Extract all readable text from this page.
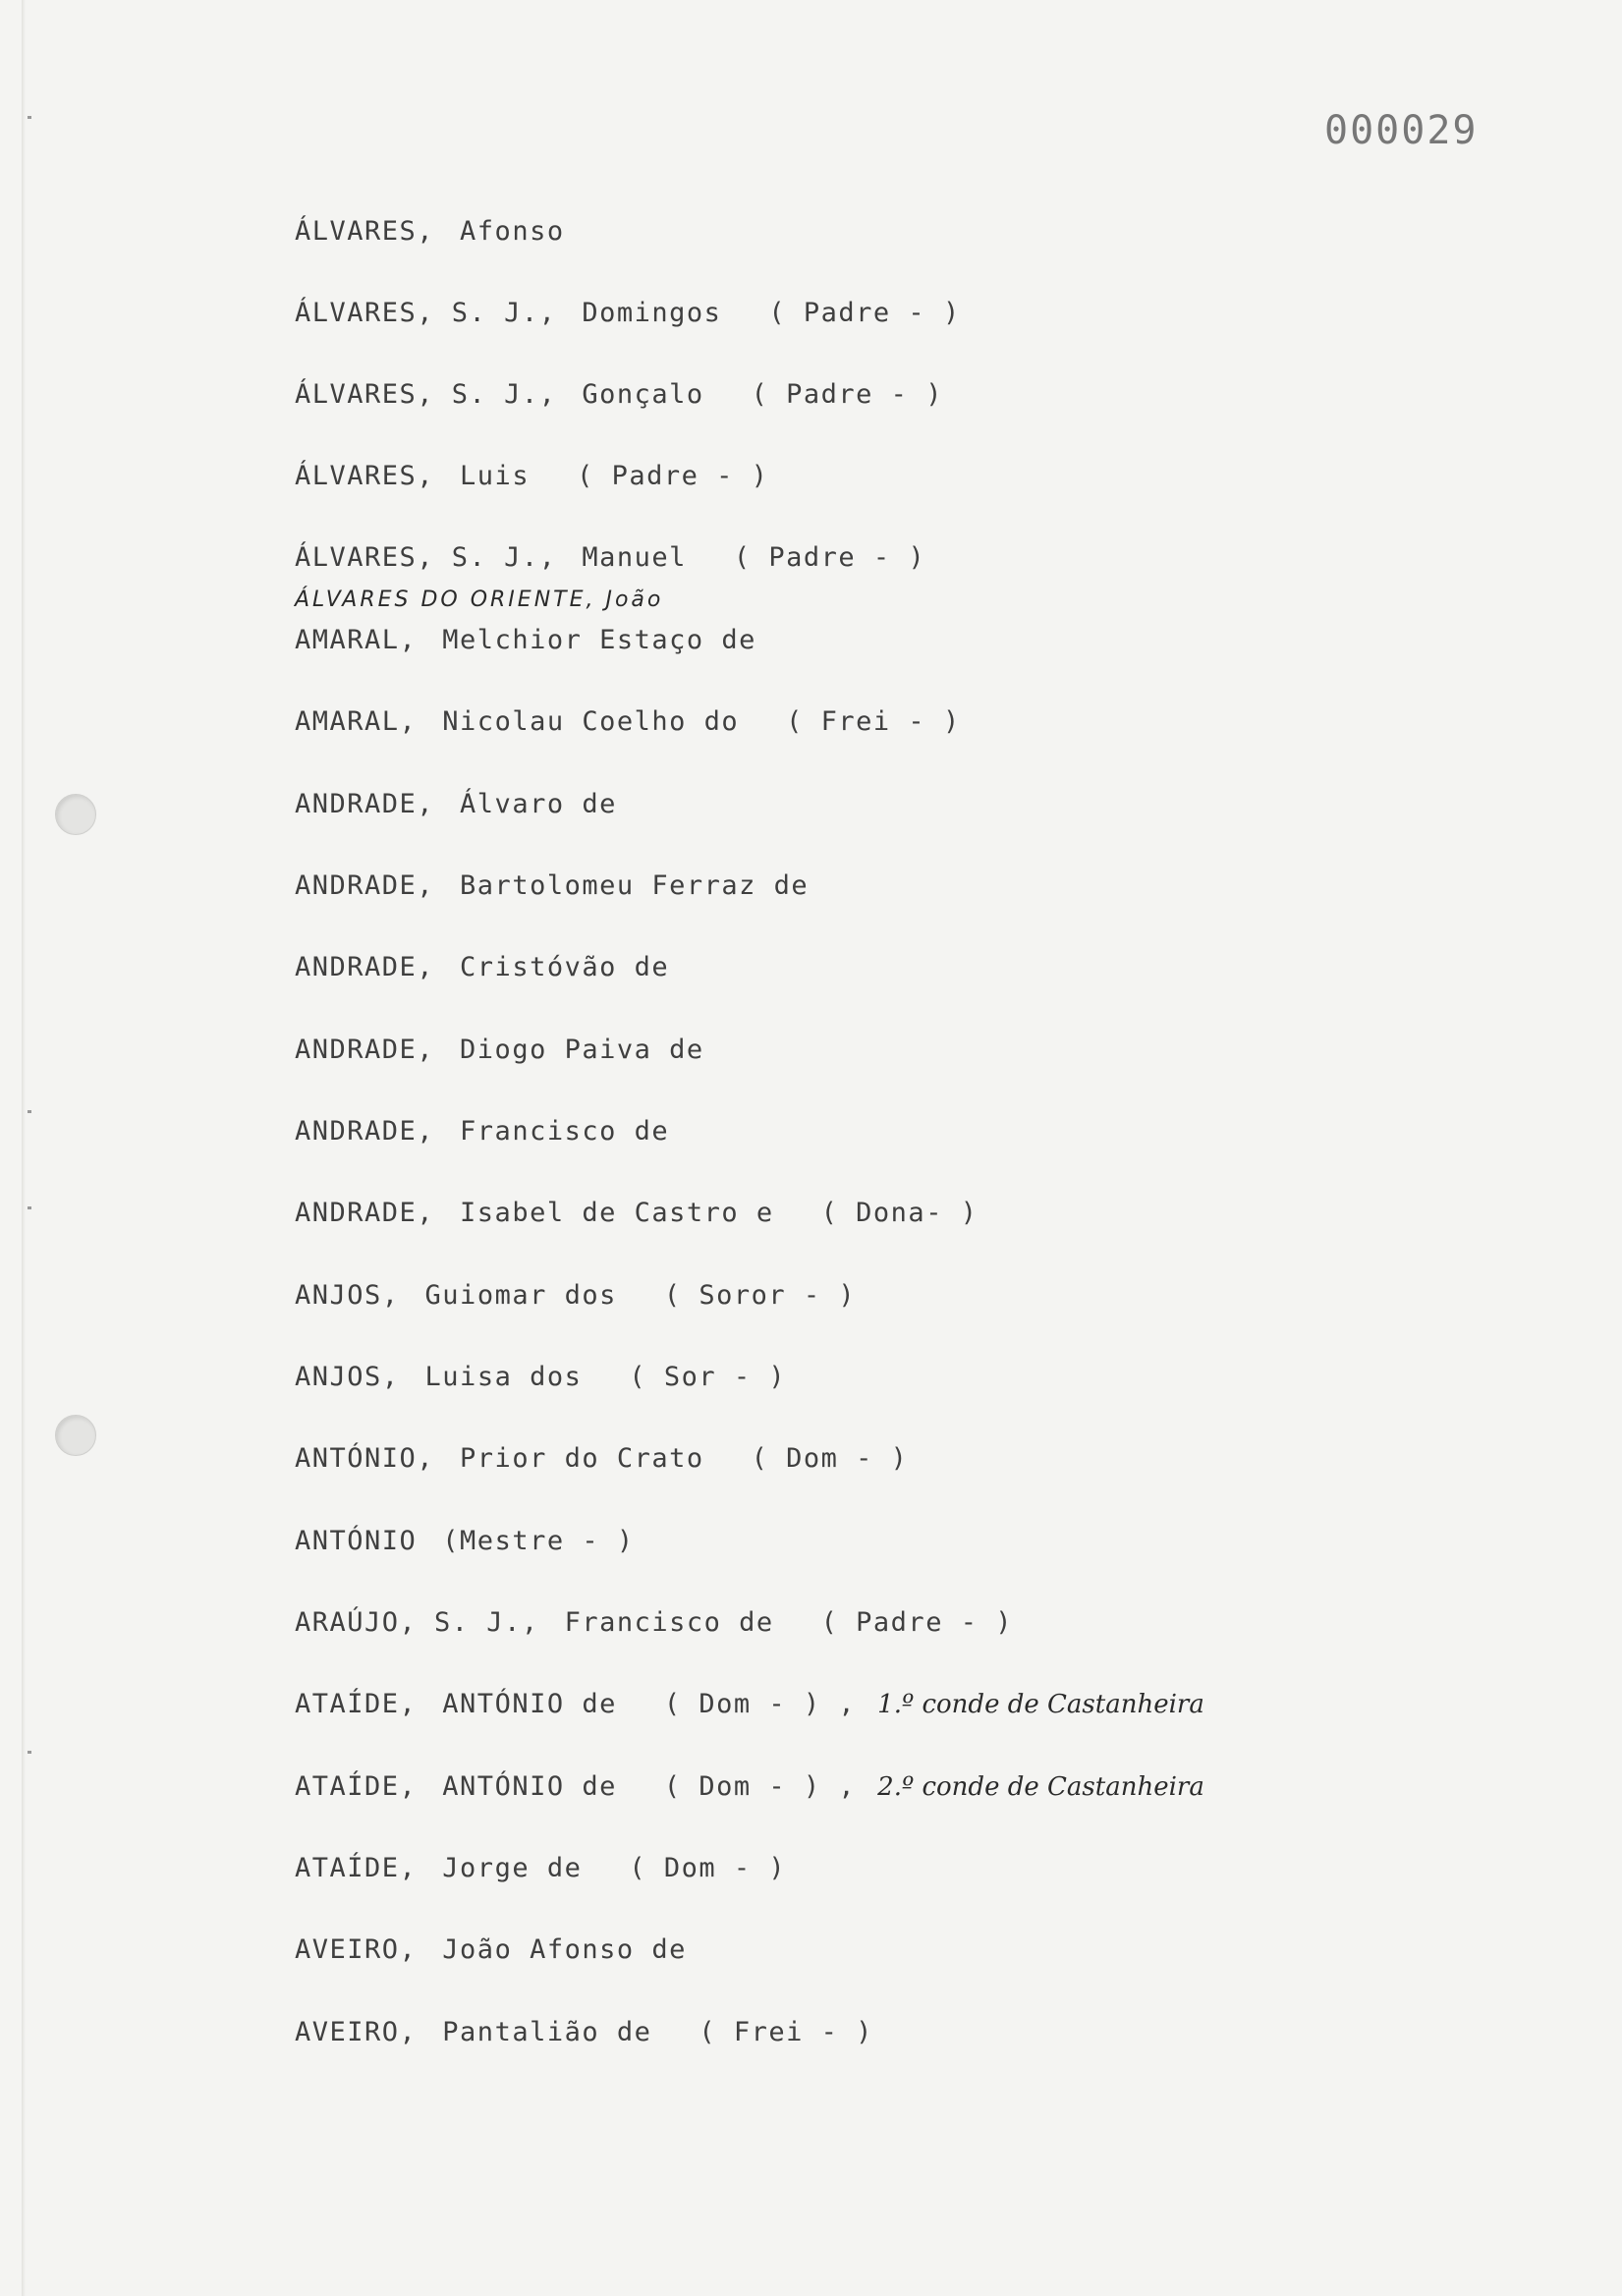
000029
ÁLVARES DO ORIENTE, João
ÁLVARES, Afonso
ÁLVARES, S. J., Domingos ( Padre - )
ÁLVARES, S. J., Gonçalo ( Padre - )
ÁLVARES, Luis ( Padre - )
ÁLVARES, S. J., Manuel ( Padre - )
AMARAL, Melchior Estaço de
AMARAL, Nicolau Coelho do ( Frei - )
ANDRADE, Álvaro de
ANDRADE, Bartolomeu Ferraz de
ANDRADE, Cristóvão de
ANDRADE, Diogo Paiva de
ANDRADE, Francisco de
ANDRADE, Isabel de Castro e ( Dona- )
ANJOS, Guiomar dos ( Soror - )
ANJOS, Luisa dos ( Sor - )
ANTÓNIO, Prior do Crato ( Dom - )
ANTÓNIO (Mestre - )
ARAÚJO, S. J., Francisco de ( Padre - )
ATAÍDE, ANTÓNIO de ( Dom - ) , 1.º conde de Castanheira
ATAÍDE, ANTÓNIO de ( Dom - ) , 2.º conde de Castanheira
ATAÍDE, Jorge de ( Dom - )
AVEIRO, João Afonso de
AVEIRO, Pantalião de ( Frei - )
